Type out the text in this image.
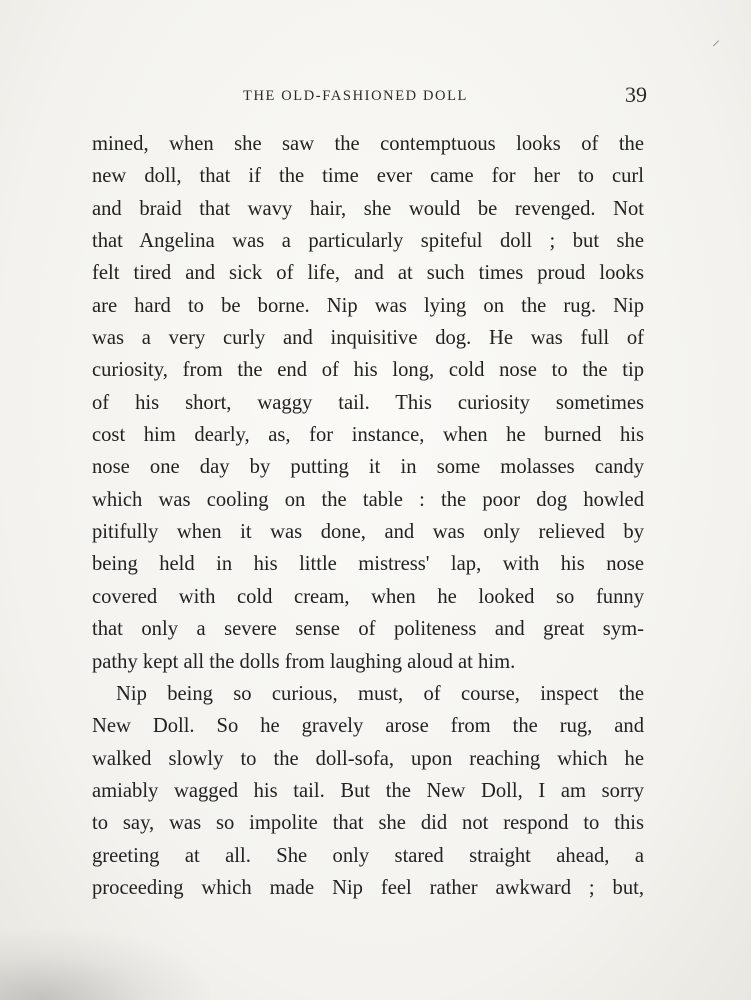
⸝
THE OLD-FASHIONED DOLL	39
mined, when she saw the contemptuous looks of the
new doll, that if the time ever came for her to curl
and braid that wavy hair, she would be revenged. Not
that Angelina was a particularly spiteful doll ; but she
felt tired and sick of life, and at such times proud looks
are hard to be borne. Nip was lying on the rug. Nip
was a very curly and inquisitive dog. He was full of
curiosity, from the end of his long, cold nose to the tip
of his short, waggy tail. This curiosity sometimes
cost him dearly, as, for instance, when he burned his
nose one day by putting it in some molasses candy
which was cooling on the table : the poor dog howled
pitifully when it was done, and was only relieved by
being held in his little mistress' lap, with his nose
covered with cold cream, when he looked so funny
that only a severe sense of politeness and great sym-
pathy kept all the dolls from laughing aloud at him.
Nip being so curious, must, of course, inspect the
New Doll. So he gravely arose from the rug, and
walked slowly to the doll-sofa, upon reaching which he
amiably wagged his tail. But the New Doll, I am sorry
to say, was so impolite that she did not respond to this
greeting at all. She only stared straight ahead, a
proceeding which made Nip feel rather awkward ; but,
